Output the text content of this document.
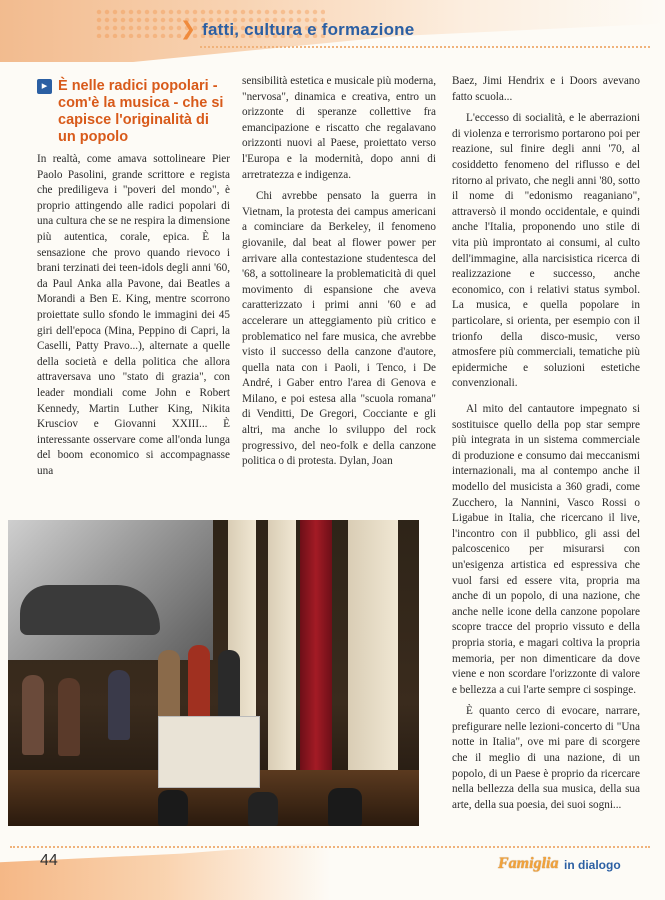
❯ fatti, cultura e formazione
▸ È nelle radici popolari - com'è la musica - che si capisce l'originalità di un popolo

In realtà, come amava sottolineare Pier Paolo Pasolini, grande scrittore e regista che prediligeva i "poveri del mondo", è proprio attingendo alle radici popolari di una cultura che se ne respira la dimensione più autentica, corale, epica. È la sensazione che provo quando rievoco i brani terzinati dei teen-idols degli anni '60, da Paul Anka alla Pavone, dai Beatles a Morandi a Ben E. King, mentre scorrono proiettate sullo sfondo le immagini dei 45 giri dell'epoca (Mina, Peppino di Capri, la Caselli, Patty Pravo...), alternate a quelle della società e della politica che allora attraversava uno "stato di grazia", con leader mondiali come John e Robert Kennedy, Martin Luther King, Nikita Krusciov e Giovanni XXIII... È interessante osservare come all'onda lunga del boom economico si accompagnasse una

sensibilità estetica e musicale più moderna, "nervosa", dinamica e creativa, entro un orizzonte di speranze collettive fra emancipazione e riscatto che regalavano orizzonti nuovi al Paese, proiettato verso l'Europa e la modernità, dopo anni di arretratezza e indigenza.

Chi avrebbe pensato la guerra in Vietnam, la protesta dei campus americani a cominciare da Berkeley, il fenomeno giovanile, dal beat al flower power per arrivare alla contestazione studentesca del '68, a sottolineare la problematicità di quel movimento di espansione che aveva caratterizzato i primi anni '60 e ad accelerare un atteggiamento più critico e problematico nel fare musica, che avrebbe visto il successo della canzone d'autore, quella nata con i Paoli, i Tenco, i De André, i Gaber entro l'area di Genova e Milano, e poi estesa alla "scuola romana" di Venditti, De Gregori, Cocciante e gli altri, ma anche lo sviluppo del rock progressivo, del neo-folk e della canzone politica o di protesta. Dylan, Joan

Baez, Jimi Hendrix e i Doors avevano fatto scuola...

L'eccesso di socialità, e le aberrazioni di violenza e terrorismo portarono poi per reazione, sul finire degli anni '70, al cosiddetto fenomeno del riflusso e del ritorno al privato, che negli anni '80, sotto il nome di "edonismo reaganiano", attraversò il mondo occidentale, e quindi anche l'Italia, proponendo uno stile di vita più improntato ai consumi, al culto dell'immagine, alla narcisistica ricerca di realizzazione e successo, anche economico, con i relativi status symbol. La musica, e quella popolare in particolare, si orienta, per esempio con il trionfo della disco-music, verso atmosfere più commerciali, tematiche più epidermiche e soluzioni estetiche convenzionali.

Al mito del cantautore impegnato si sostituisce quello della pop star sempre più integrata in un sistema commerciale di produzione e consumo dai meccanismi internazionali, ma al contempo anche il modello del musicista a 360 gradi, come Zucchero, la Nannini, Vasco Rossi o Ligabue in Italia, che ricercano il live, l'incontro con il pubblico, gli assi del palcoscenico per misurarsi con un'esigenza artistica ed espressiva che vuol farsi ed essere vita, propria ma anche di un popolo, di una nazione, che anche nelle icone della canzone popolare scopre tracce del proprio vissuto e della propria storia, e magari coltiva la propria memoria, per non dimenticare da dove viene e non scordare l'orizzonte di valore e bellezza a cui l'arte sempre ci sospinge.

È quanto cerco di evocare, narrare, prefigurare nelle lezioni-concerto di "Una notte in Italia", ove mi pare di scorgere che il meglio di una nazione, di un popolo, di un Paese è proprio da ricercare nella bellezza della sua musica, della sua arte, della sua poesia, dei suoi sogni...

44	Famiglia in dialogo
